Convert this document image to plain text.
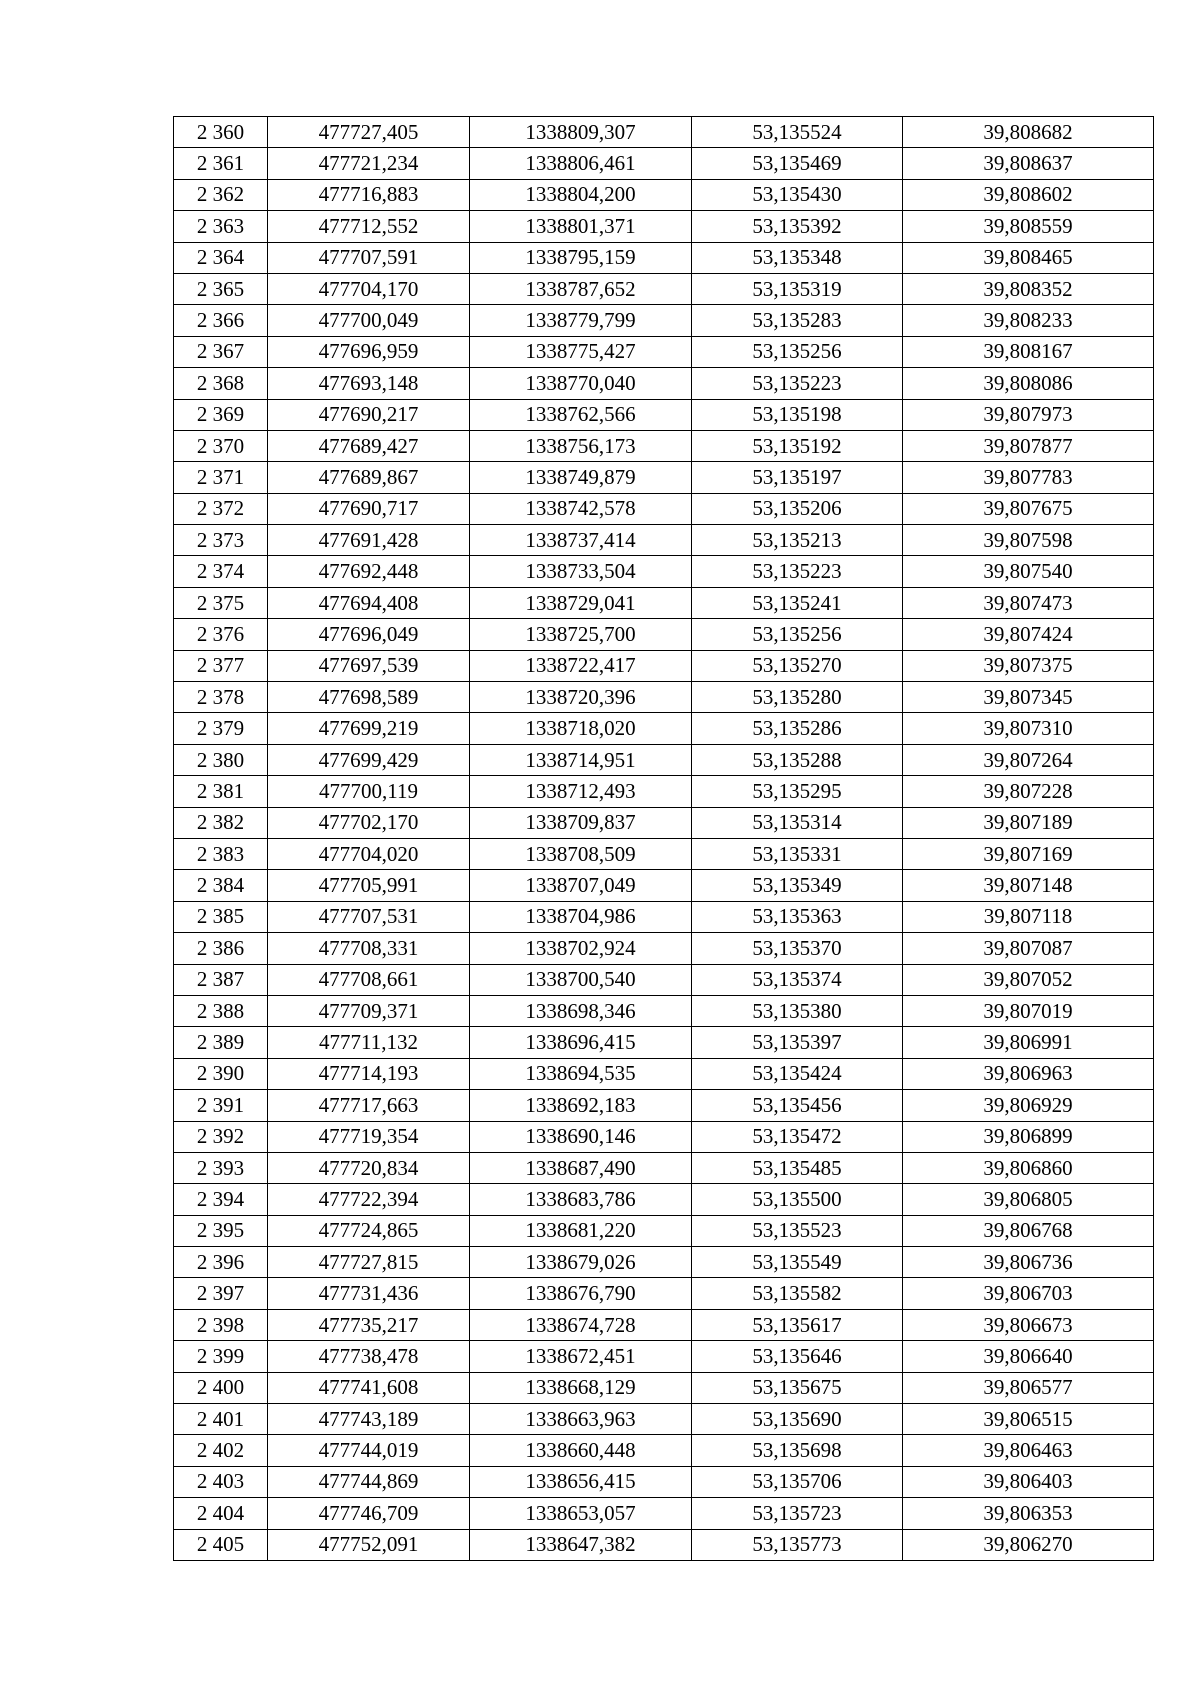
2 360	477727,405	1338809,307	53,135524	39,808682
2 361	477721,234	1338806,461	53,135469	39,808637
2 362	477716,883	1338804,200	53,135430	39,808602
2 363	477712,552	1338801,371	53,135392	39,808559
2 364	477707,591	1338795,159	53,135348	39,808465
2 365	477704,170	1338787,652	53,135319	39,808352
2 366	477700,049	1338779,799	53,135283	39,808233
2 367	477696,959	1338775,427	53,135256	39,808167
2 368	477693,148	1338770,040	53,135223	39,808086
2 369	477690,217	1338762,566	53,135198	39,807973
2 370	477689,427	1338756,173	53,135192	39,807877
2 371	477689,867	1338749,879	53,135197	39,807783
2 372	477690,717	1338742,578	53,135206	39,807675
2 373	477691,428	1338737,414	53,135213	39,807598
2 374	477692,448	1338733,504	53,135223	39,807540
2 375	477694,408	1338729,041	53,135241	39,807473
2 376	477696,049	1338725,700	53,135256	39,807424
2 377	477697,539	1338722,417	53,135270	39,807375
2 378	477698,589	1338720,396	53,135280	39,807345
2 379	477699,219	1338718,020	53,135286	39,807310
2 380	477699,429	1338714,951	53,135288	39,807264
2 381	477700,119	1338712,493	53,135295	39,807228
2 382	477702,170	1338709,837	53,135314	39,807189
2 383	477704,020	1338708,509	53,135331	39,807169
2 384	477705,991	1338707,049	53,135349	39,807148
2 385	477707,531	1338704,986	53,135363	39,807118
2 386	477708,331	1338702,924	53,135370	39,807087
2 387	477708,661	1338700,540	53,135374	39,807052
2 388	477709,371	1338698,346	53,135380	39,807019
2 389	477711,132	1338696,415	53,135397	39,806991
2 390	477714,193	1338694,535	53,135424	39,806963
2 391	477717,663	1338692,183	53,135456	39,806929
2 392	477719,354	1338690,146	53,135472	39,806899
2 393	477720,834	1338687,490	53,135485	39,806860
2 394	477722,394	1338683,786	53,135500	39,806805
2 395	477724,865	1338681,220	53,135523	39,806768
2 396	477727,815	1338679,026	53,135549	39,806736
2 397	477731,436	1338676,790	53,135582	39,806703
2 398	477735,217	1338674,728	53,135617	39,806673
2 399	477738,478	1338672,451	53,135646	39,806640
2 400	477741,608	1338668,129	53,135675	39,806577
2 401	477743,189	1338663,963	53,135690	39,806515
2 402	477744,019	1338660,448	53,135698	39,806463
2 403	477744,869	1338656,415	53,135706	39,806403
2 404	477746,709	1338653,057	53,135723	39,806353
2 405	477752,091	1338647,382	53,135773	39,806270
